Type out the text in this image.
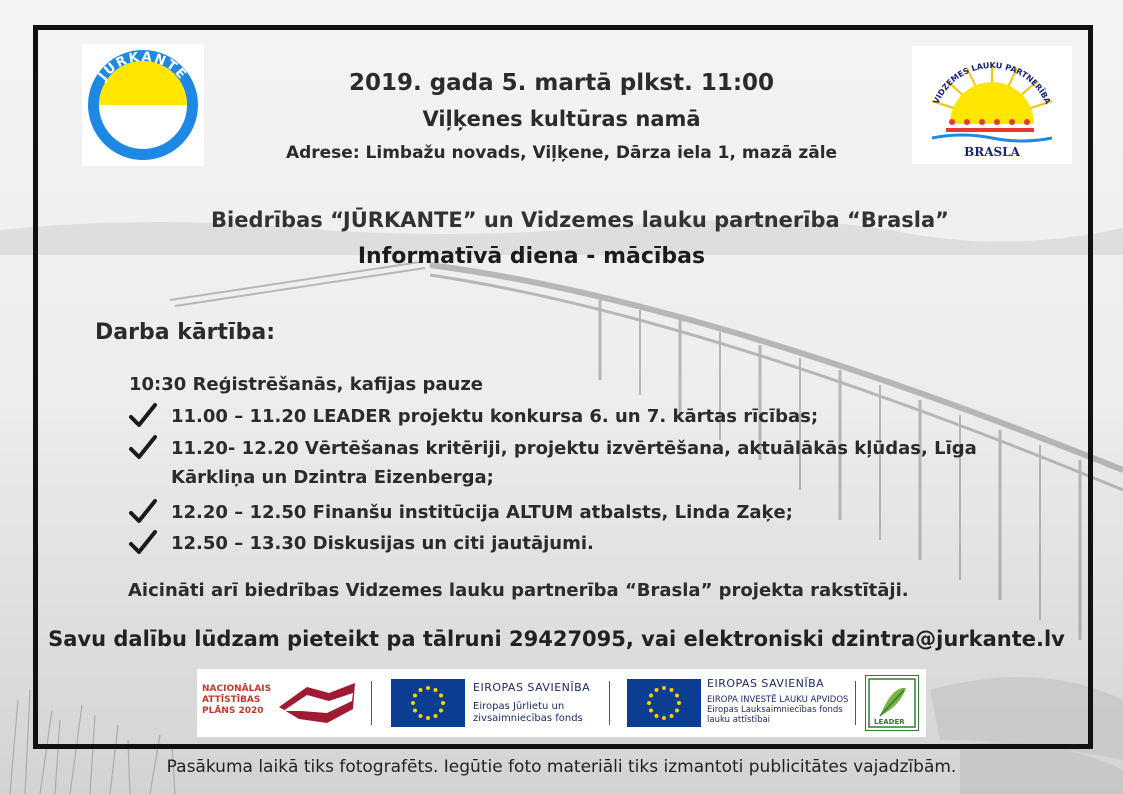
JŪRKANTE
VIDZEMES LAUKU PARTNERĪBA
BRASLA
2019. gada 5. martā plkst. 11:00
Viļķenes kultūras namā
Adrese: Limbažu novads, Viļķene, Dārza iela 1, mazā zāle
Biedrības “JŪRKANTE” un Vidzemes lauku partnerība “Brasla”
Informatīvā diena - mācības
Darba kārtība:
10:30 Reģistrēšanās, kafijas pauze
11.00 – 11.20 LEADER projektu konkursa 6. un 7. kārtas rīcības;
11.20- 12.20 Vērtēšanas kritēriji, projektu izvērtēšana, aktuālākās kļūdas, Līga Kārkliņa un Dzintra Eizenberga;
12.20 – 12.50 Finanšu institūcija ALTUM atbalsts, Linda Zaķe;
12.50 – 13.30 Diskusijas un citi jautājumi.
Aicināti arī biedrības Vidzemes lauku partnerība “Brasla” projekta rakstītāji.
Savu dalību lūdzam pieteikt pa tālruni 29427095, vai elektroniski dzintra@jurkante.lv
NACIONĀLAIS
ATTĪSTĪBAS
PLĀNS 2020
EIROPAS SAVIENĪBA
Eiropas Jūrlietu un
zivsaimniecības fonds
EIROPAS SAVIENĪBA
EIROPA INVESTĒ LAUKU APVIDOS
Eiropas Lauksaimniecības fonds
lauku attīstībai	LEADER
Pasākuma laikā tiks fotografēts. Iegūtie foto materiāli tiks izmantoti publicitātes vajadzībām.
